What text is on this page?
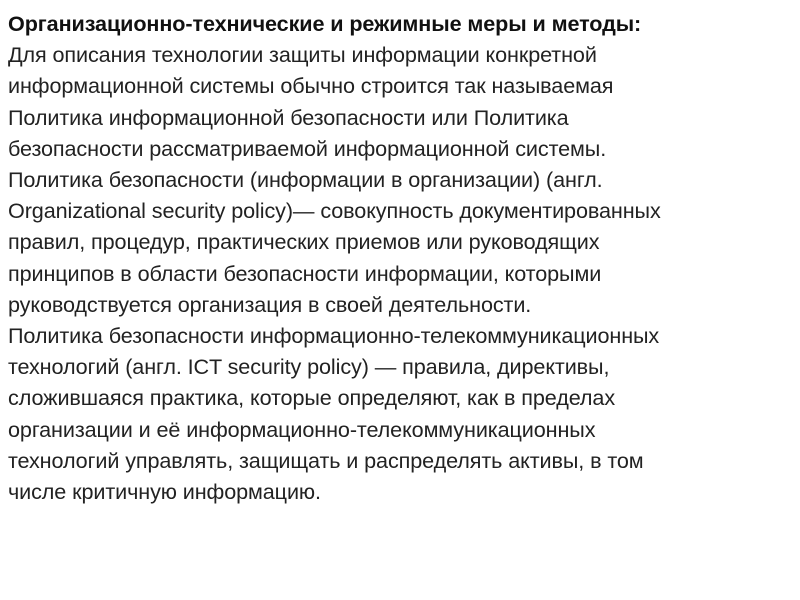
Организационно-технические и режимные меры и методы:
Для описания технологии защиты информации конкретной
информационной системы обычно строится так называемая
Политика информационной безопасности или Политика
безопасности рассматриваемой информационной системы.
Политика безопасности (информации в организации) (англ.
Organizational security policy)— совокупность документированных
правил, процедур, практических приемов или руководящих
принципов в области безопасности информации, которыми
руководствуется организация в своей деятельности.
Политика безопасности информационно-телекоммуникационных
технологий (англ. ICT security policy) — правила, директивы,
сложившаяся практика, которые определяют, как в пределах
организации и её информационно-телекоммуникационных
технологий управлять, защищать и распределять активы, в том
числе критичную информацию.
